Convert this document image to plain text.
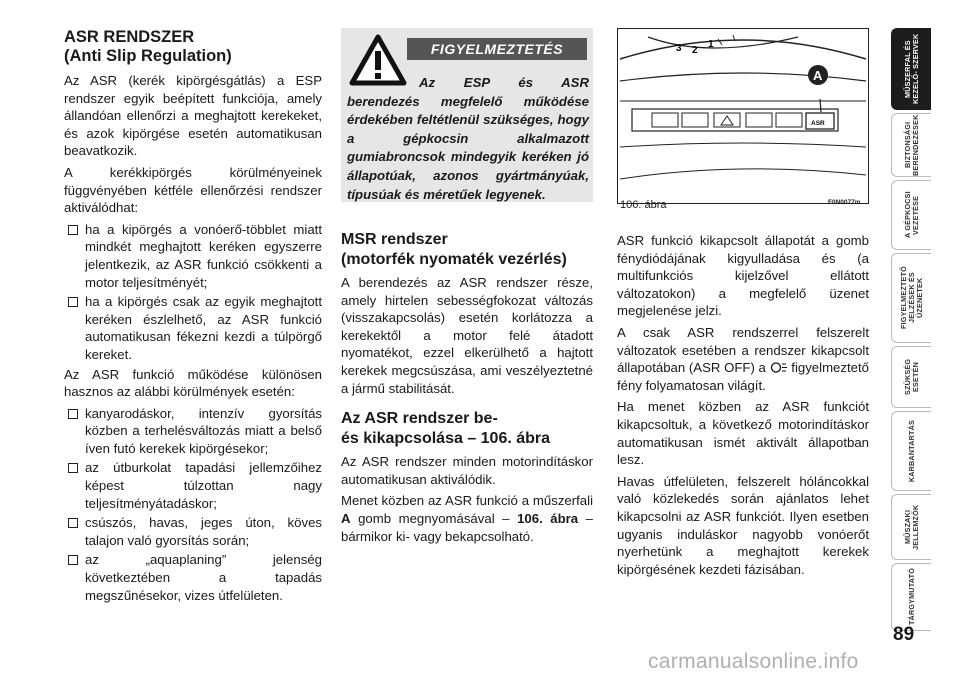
ASR RENDSZER
(Anti Slip Regulation)

Az ASR (kerék kipörgésgátlás) a ESP rendszer egyik beépített funkciója, amely állandóan ellenőrzi a meghajtott kerekeket, és azok kipörgése esetén automatikusan beavatkozik.

A kerékkipörgés körülményeinek függvényében kétféle ellenőrzési rendszer aktiválódhat:

ha a kipörgés a vonóerő-többlet miatt mindkét meghajtott keréken egyszerre jelentkezik, az ASR funkció csökkenti a motor teljesítményét;
ha a kipörgés csak az egyik meghajtott keréken észlelhető, az ASR funkció automatikusan fékezni kezdi a túlpörgő kereket.

Az ASR funkció működése különösen hasznos az alábbi körülmények esetén:

kanyarodáskor, intenzív gyorsítás közben a terhelésváltozás miatt a belső íven futó kerekek kipörgésekor;
az útburkolat tapadási jellemzőihez képest túlzottan nagy teljesítményátadáskor;
csúszós, havas, jeges úton, köves talajon való gyorsítás során;
az „aquaplaning” jelenség következtében a tapadás megszűnésekor, vizes útfelületen.
FIGYELMEZTETÉS
Az ESP és ASR berendezés megfelelő működése érdekében feltétlenül szükséges, hogy a gépkocsin alkalmazott gumiabroncsok mindegyik keréken jó állapotúak, azonos gyártmányúak, típusúak és méretűek legyenek.
MSR rendszer
(motorfék nyomaték vezérlés)

A berendezés az ASR rendszer része, amely hirtelen sebességfokozat változás (visszakapcsolás) esetén korlátozza a kerekektől a motor felé átadott nyomatékot, ezzel elkerülhető a hajtott kerekek megcsúszása, ami veszélyeztetné a jármű stabilitását.

Az ASR rendszer be-
és kikapcsolása – 106. ábra

Az ASR rendszer minden motorindításkor automatikusan aktiválódik.

Menet közben az ASR funkció a műszerfali A gomb megnyomásával – 106. ábra – bármikor ki- vagy bekapcsolható.

3 2
1
ASR
A
106. ábra	F0N0077m

ASR funkció kikapcsolt állapotát a gomb fénydiódájának kigyulladása és (a multifunkciós kijelzővel ellátott változatokon) a megfelelő üzenet megjelenése jelzi.

A csak ASR rendszerrel felszerelt változatok esetében a rendszer kikapcsolt állapotában (ASR OFF) a  figyelmeztető fény folyamatosan világít.

Ha menet közben az ASR funkciót kikapcsoltuk, a következő motorindításkor automatikusan ismét aktivált állapotban lesz.

Havas útfelületen, felszerelt hóláncokkal való közlekedés során ajánlatos lehet kikapcsolni az ASR funkciót. Ilyen esetben ugyanis induláskor nagyobb vonóerőt nyerhetünk a meghajtott kerekek kipörgésének kezdeti fázisában.

MŰSZERFAL ÉS KEZELŐ- SZERVEK
BIZTONSÁGI BERENDEZÉSEK
A GÉPKOCSI VEZETÉSE
FIGYELMEZTETŐ JELZÉSEK ÉS ÜZENETEK
SZÜKSÉG ESETÉN
KARBANTARTÁS
MŰSZAKI JELLEMZŐK
TÁRGYMUTATÓ
89
carmanualsonline.info
